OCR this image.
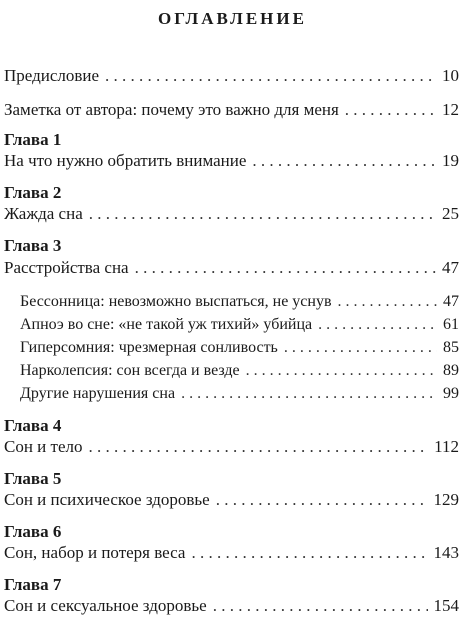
оглавление
Предисловие . . .	10
Заметка от автора: почему это важно для меня . . .	12
Глава 1
На что нужно обратить внимание . . .	19
Глава 2
Жажда сна . . .	25
Глава 3
Расстройства сна . . .	47
Бессонница: невозможно выспаться, не уснув . . .	47
Апноэ во сне: «не такой уж тихий» убийца . . .	61
Гиперсомния: чрезмерная сонливость . . .	85
Нарколепсия: сон всегда и везде . . .	89
Другие нарушения сна . . .	99
Глава 4
Сон и тело . . .	112
Глава 5
Сон и психическое здоровье . . .	129
Глава 6
Сон, набор и потеря веса . . .	143
Глава 7
Сон и сексуальное здоровье . . .	154
